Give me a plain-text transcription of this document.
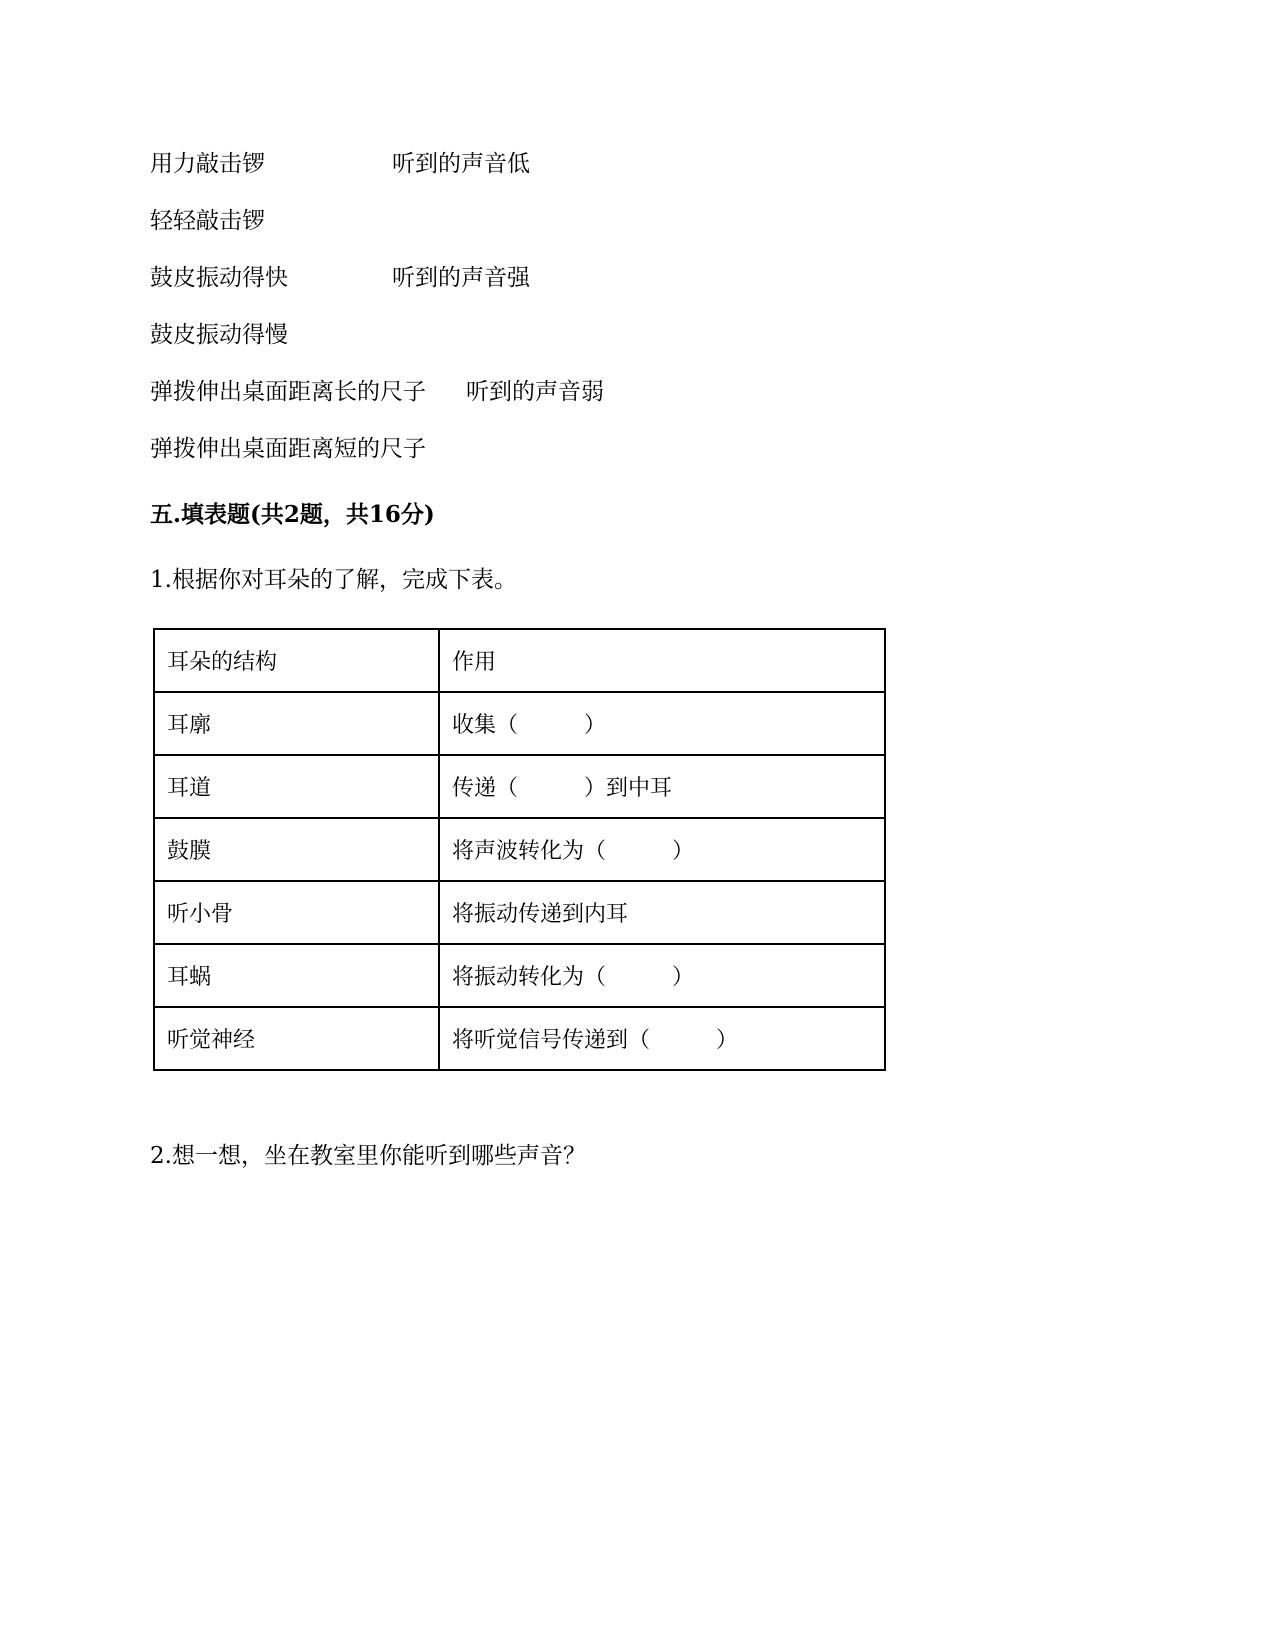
用力敲击锣	听到的声音低
轻轻敲击锣
鼓皮振动得快	听到的声音强
鼓皮振动得慢
弹拨伸出桌面距离长的尺子 听到的声音弱
弹拨伸出桌面距离短的尺子
五.填表题(共2题，共16分)
1.根据你对耳朵的了解，完成下表。
耳朵的结构	作用
耳廓	收集（　　　）
耳道	传递（　　　）到中耳
鼓膜	将声波转化为（　　　）
听小骨	将振动传递到内耳
耳蜗	将振动转化为（　　　）
听觉神经	将听觉信号传递到（　　　）
2.想一想，坐在教室里你能听到哪些声音？
